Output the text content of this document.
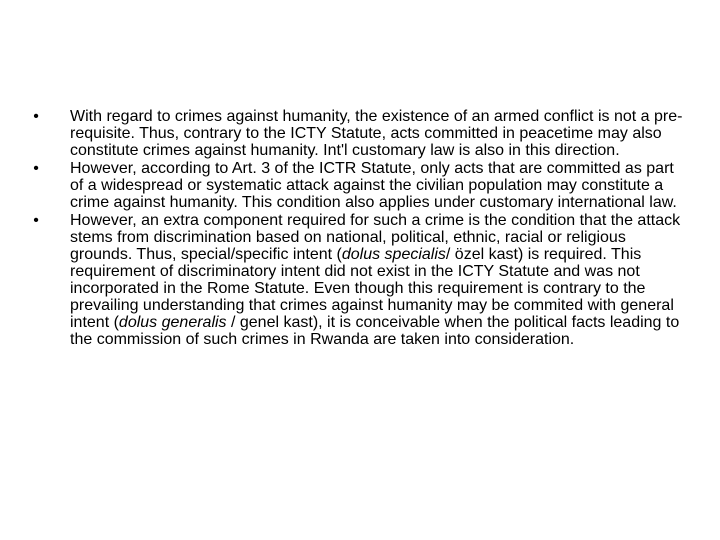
• With regard to crimes against humanity, the existence of an armed conflict is not a pre-requisite. Thus, contrary to the ICTY Statute, acts committed in peacetime may also constitute crimes against humanity. Int'l customary law is also in this direction.
• However, according to Art. 3 of the ICTR Statute, only acts that are committed as part of a widespread or systematic attack against the civilian population may constitute a crime against humanity. This condition also applies under customary international law.
• However, an extra component required for such a crime is the condition that the attack stems from discrimination based on national, political, ethnic, racial or religious grounds. Thus, special/specific intent (dolus specialis/ özel kast) is required. This requirement of discriminatory intent did not exist in the ICTY Statute and was not incorporated in the Rome Statute. Even though this requirement is contrary to the prevailing understanding that crimes against humanity may be commited with general intent (dolus generalis / genel kast), it is conceivable when the political facts leading to the commission of such crimes in Rwanda are taken into consideration.
